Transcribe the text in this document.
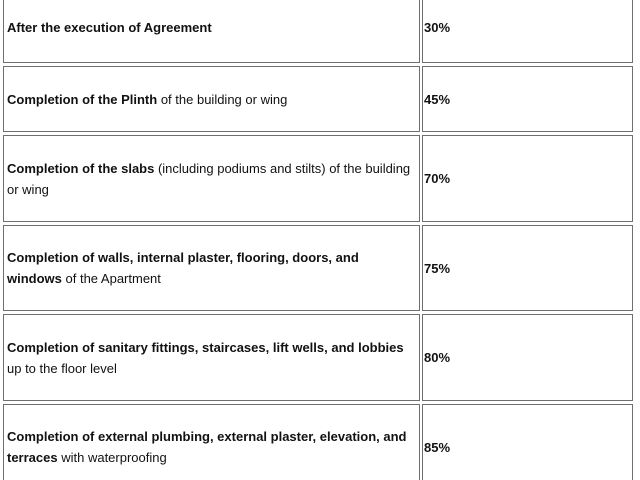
After the execution of Agreement	30%
Completion of the Plinth of the building or wing	45%
Completion of the slabs (including podiums and stilts) of the building or wing
70%
Completion of walls, internal plaster, flooring, doors, and windows of the Apartment
75%
Completion of sanitary fittings, staircases, lift wells, and lobbies up to the floor level
80%
Completion of external plumbing, external plaster, elevation, and terraces with waterproofing
85%
